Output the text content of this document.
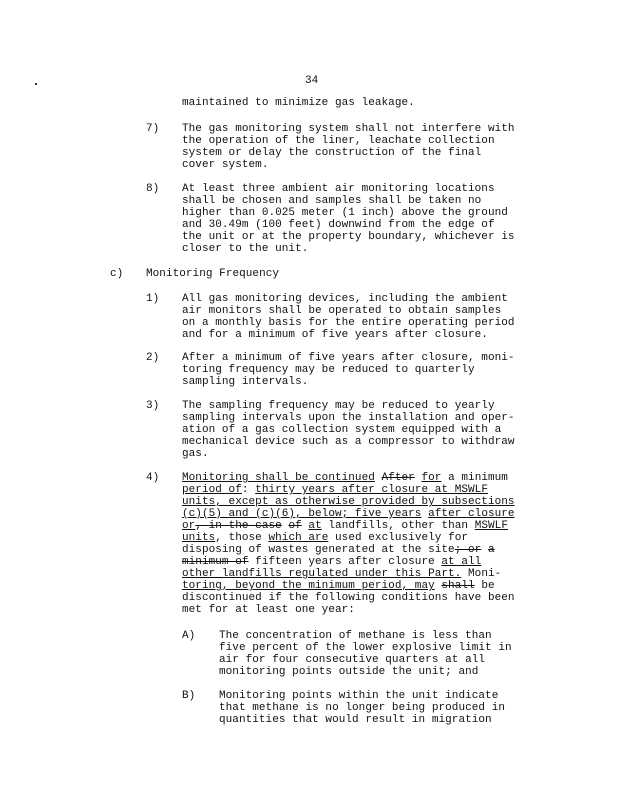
34
maintained to minimize gas leakage.
7) The gas monitoring system shall not interfere with
the operation of the liner, leachate collection
system or delay the construction of the final
cover system.
8) At least three ambient air monitoring locations
shall be chosen and samples shall be taken no
higher than 0.025 meter (1 inch) above the ground
and 30.49m (100 feet) downwind from the edge of
the unit or at the property boundary, whichever is
closer to the unit.
c) Monitoring Frequency
1) All gas monitoring devices, including the ambient
air monitors shall be operated to obtain samples
on a monthly basis for the entire operating period
and for a minimum of five years after closure.
2) After a minimum of five years after closure, moni-
toring frequency may be reduced to quarterly
sampling intervals.
3) The sampling frequency may be reduced to yearly
sampling intervals upon the installation and oper-
ation of a gas collection system equipped with a
mechanical device such as a compressor to withdraw
gas.
4) Monitoring shall be continued After for a minimum
period of: thirty years after closure at MSWLF
units, except as otherwise provided by subsections
(c)(5) and (c)(6), below; five years after closure
or, in the case of at landfills, other than MSWLF
units, those which are used exclusively for
disposing of wastes generated at the site; or a
minimum of fifteen years after closure at all
other landfills regulated under this Part. Moni-
toring, beyond the minimum period, may shall be
discontinued if the following conditions have been
met for at least one year:
A) The concentration of methane is less than
five percent of the lower explosive limit in
air for four consecutive quarters at all
monitoring points outside the unit; and
B) Monitoring points within the unit indicate
that methane is no longer being produced in
quantities that would result in migration
